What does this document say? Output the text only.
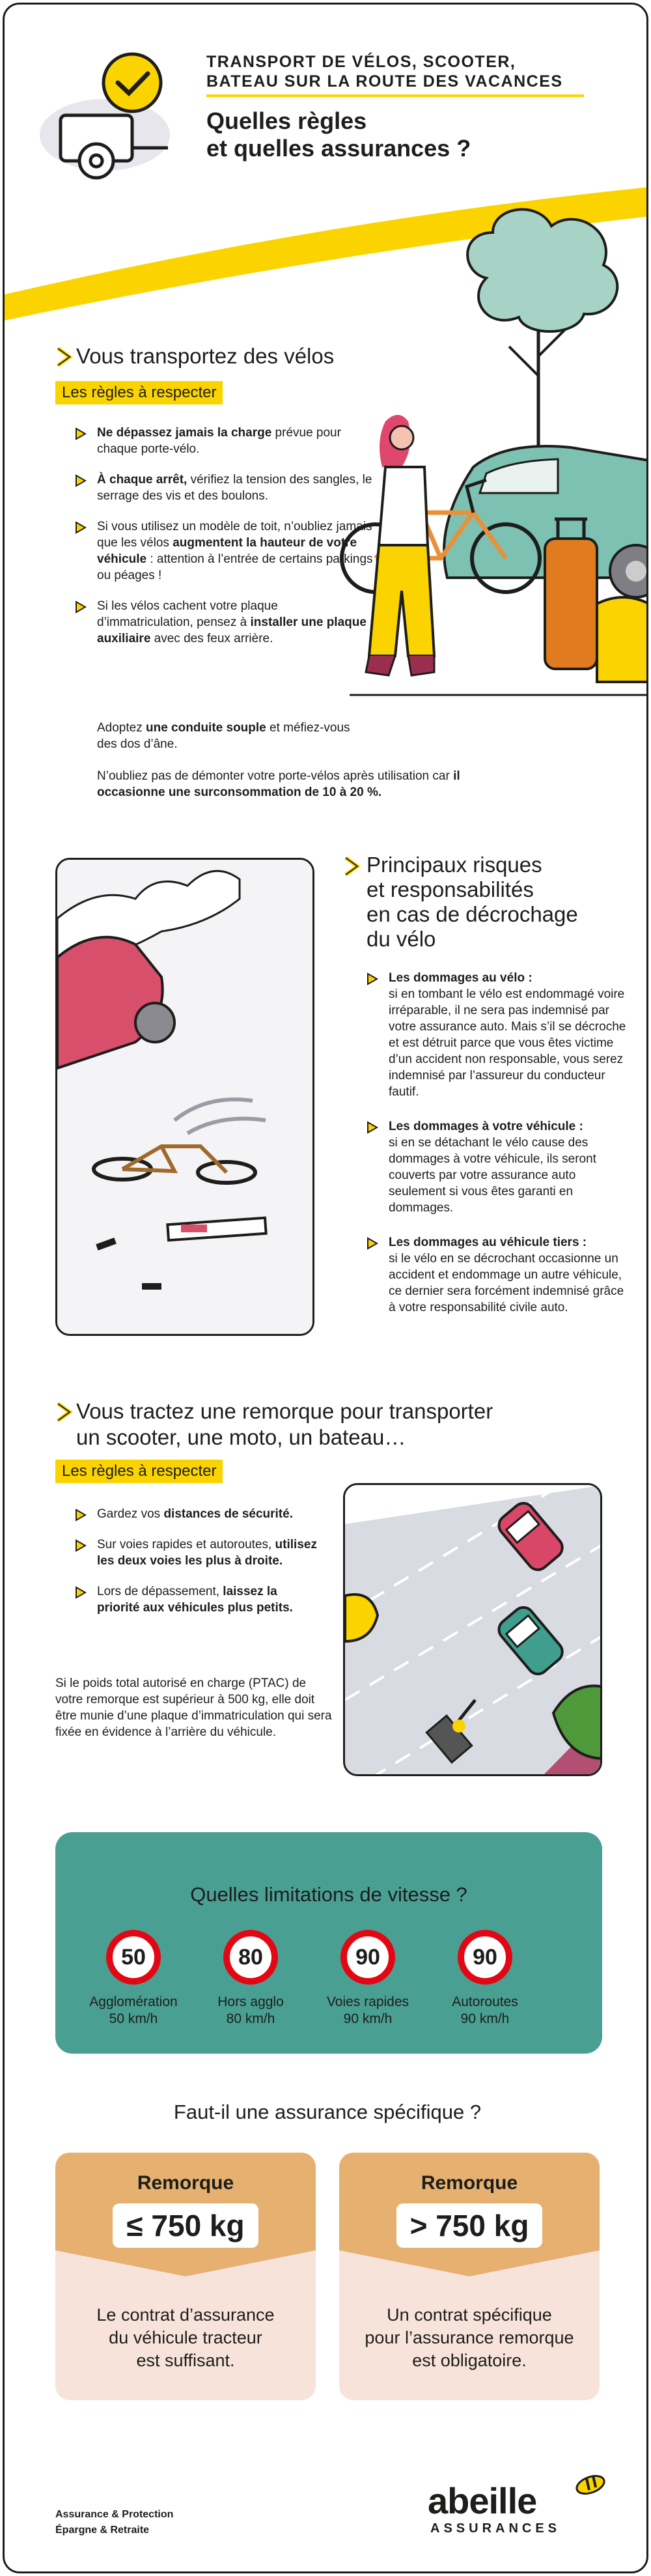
TRANSPORT DE VÉLOS, SCOOTER,
BATEAU SUR LA ROUTE DES VACANCES
Quelles règles
et quelles assurances ?
Vous transportez des vélos
Les règles à respecter
Ne dépassez jamais la charge prévue pour chaque porte-vélo.
À chaque arrêt, vérifiez la tension des sangles, le serrage des vis et des boulons.
Si vous utilisez un modèle de toit, n’oubliez jamais que les vélos augmentent la hauteur de votre véhicule : attention à l’entrée de certains parkings ou péages !
Si les vélos cachent votre plaque d’immatriculation, pensez à installer une plaque auxiliaire avec des feux arrière.
Adoptez une conduite souple et méfiez-vous des dos d’âne.
N’oubliez pas de démonter votre porte-vélos après utilisation car il occasionne une surconsommation de 10 à 20 %.
Principaux risques
et responsabilités
en cas de décrochage
du vélo
Les dommages au vélo :
si en tombant le vélo est endommagé voire irréparable, il ne sera pas indemnisé par votre assurance auto. Mais s’il se décroche et est détruit parce que vous êtes victime d’un accident non responsable, vous serez indemnisé par l’assureur du conducteur fautif.
Les dommages à votre véhicule :
si en se détachant le vélo cause des dommages à votre véhicule, ils seront couverts par votre assurance auto seulement si vous êtes garanti en dommages.
Les dommages au véhicule tiers :
si le vélo en se décrochant occasionne un accident et endommage un autre véhicule, ce dernier sera forcément indemnisé grâce à votre responsabilité civile auto.
Vous tractez une remorque pour transporter
un scooter, une moto, un bateau…
Les règles à respecter
Gardez vos distances de sécurité.
Sur voies rapides et autoroutes, utilisez les deux voies les plus à droite.
Lors de dépassement, laissez la priorité aux véhicules plus petits.
Si le poids total autorisé en charge (PTAC) de votre remorque est supérieur à 500 kg, elle doit être munie d’une plaque d’immatriculation qui sera fixée en évidence à l’arrière du véhicule.
Quelles limitations de vitesse ?
50
Agglomération
50 km/h
80
Hors agglo
80 km/h
90
Voies rapides
90 km/h
90
Autoroutes
90 km/h
Faut-il une assurance spécifique ?
Remorque
≤ 750 kg
Le contrat d’assurance
du véhicule tracteur
est suffisant.
Remorque
> 750 kg
Un contrat spécifique
pour l’assurance remorque
est obligatoire.
Assurance & Protection
Épargne & Retraite
abeille
ASSURANCES
